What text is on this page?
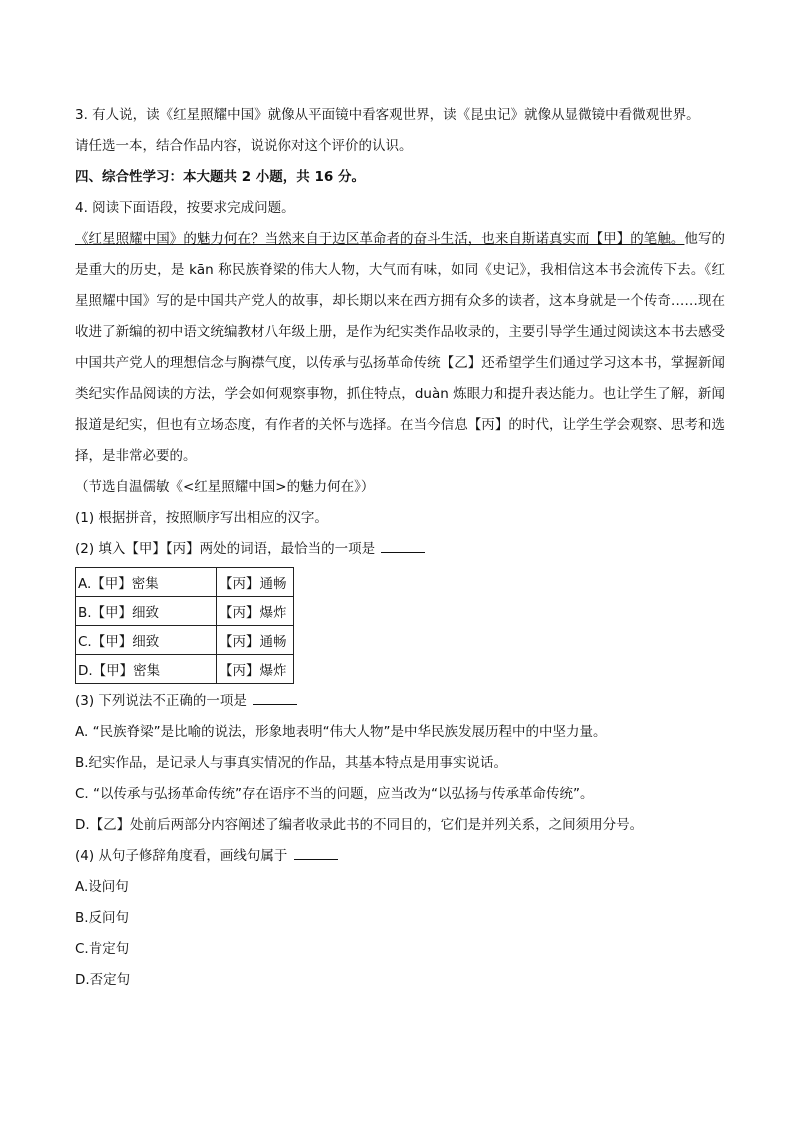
3. 有人说，读《红星照耀中国》就像从平面镜中看客观世界，读《昆虫记》就像从显微镜中看微观世界。
请任选一本，结合作品内容，说说你对这个评价的认识。
四、综合性学习：本大题共 2 小题，共 16 分。
4. 阅读下面语段，按要求完成问题。
《红星照耀中国》的魅力何在？当然来自于边区革命者的奋斗生活，也来自斯诺真实而【甲】的笔触。他写的是重大的历史，是 kān 称民族脊梁的伟大人物，大气而有味，如同《史记》，我相信这本书会流传下去。《红星照耀中国》写的是中国共产党人的故事，却长期以来在西方拥有众多的读者，这本身就是一个传奇……现在收进了新编的初中语文统编教材八年级上册，是作为纪实类作品收录的，主要引导学生通过阅读这本书去感受中国共产党人的理想信念与胸襟气度，以传承与弘扬革命传统【乙】还希望学生们通过学习这本书，掌握新闻类纪实作品阅读的方法，学会如何观察事物，抓住特点，duàn 炼眼力和提升表达能力。也让学生了解，新闻报道是纪实，但也有立场态度，有作者的关怀与选择。在当今信息【丙】的时代，让学生学会观察、思考和选择，是非常必要的。
（节选自温儒敏《<红星照耀中国>的魅力何在》）
(1) 根据拼音，按照顺序写出相应的汉字。
(2) 填入【甲】【丙】两处的词语，最恰当的一项是
A.【甲】密集	【丙】通畅
B.【甲】细致	【丙】爆炸
C.【甲】细致	【丙】通畅
D.【甲】密集	【丙】爆炸
(3) 下列说法不正确的一项是
A. “民族脊梁”是比喻的说法，形象地表明“伟大人物”是中华民族发展历程中的中坚力量。
B.纪实作品，是记录人与事真实情况的作品，其基本特点是用事实说话。
C. “以传承与弘扬革命传统”存在语序不当的问题，应当改为“以弘扬与传承革命传统”。
D.【乙】处前后两部分内容阐述了编者收录此书的不同目的，它们是并列关系，之间须用分号。
(4) 从句子修辞角度看，画线句属于
A.设问句
B.反问句
C.肯定句
D.否定句
